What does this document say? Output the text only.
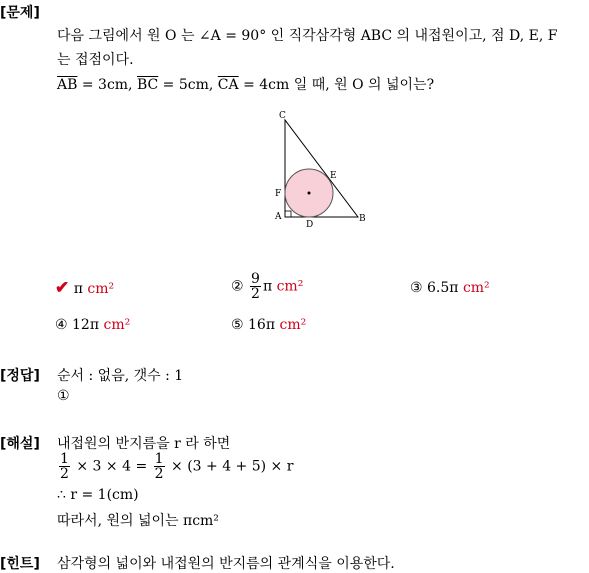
[문제]
다음 그림에서 원 O 는 ∠A = 90° 인 직각삼각형 ABC 의 내접원이고, 점 D, E, F
는 접점이다.
$\overline{AB} = 3cm$, $\overline{BC} = 5cm$, $\overline{CA} = 4cm$ 일 때, 원 O 의 넓이는?
C
E
F
A
D
B
✔ π cm²	② $\frac{9}{2}$ π cm²	③ 6.5π cm²
④ 12π cm²	⑤ 16π cm²
[정답] 순서 : 없음, 갯수 : 1
①
[해설] 내접원의 반지름을 r 라 하면
$\frac{1}{2} \times 3 \times 4 = \frac{1}{2} \times (3 + 4 + 5) \times r$
∴ r = 1(cm)
따라서, 원의 넓이는 πcm²
[힌트] 삼각형의 넓이와 내접원의 반지름의 관계식을 이용한다.
